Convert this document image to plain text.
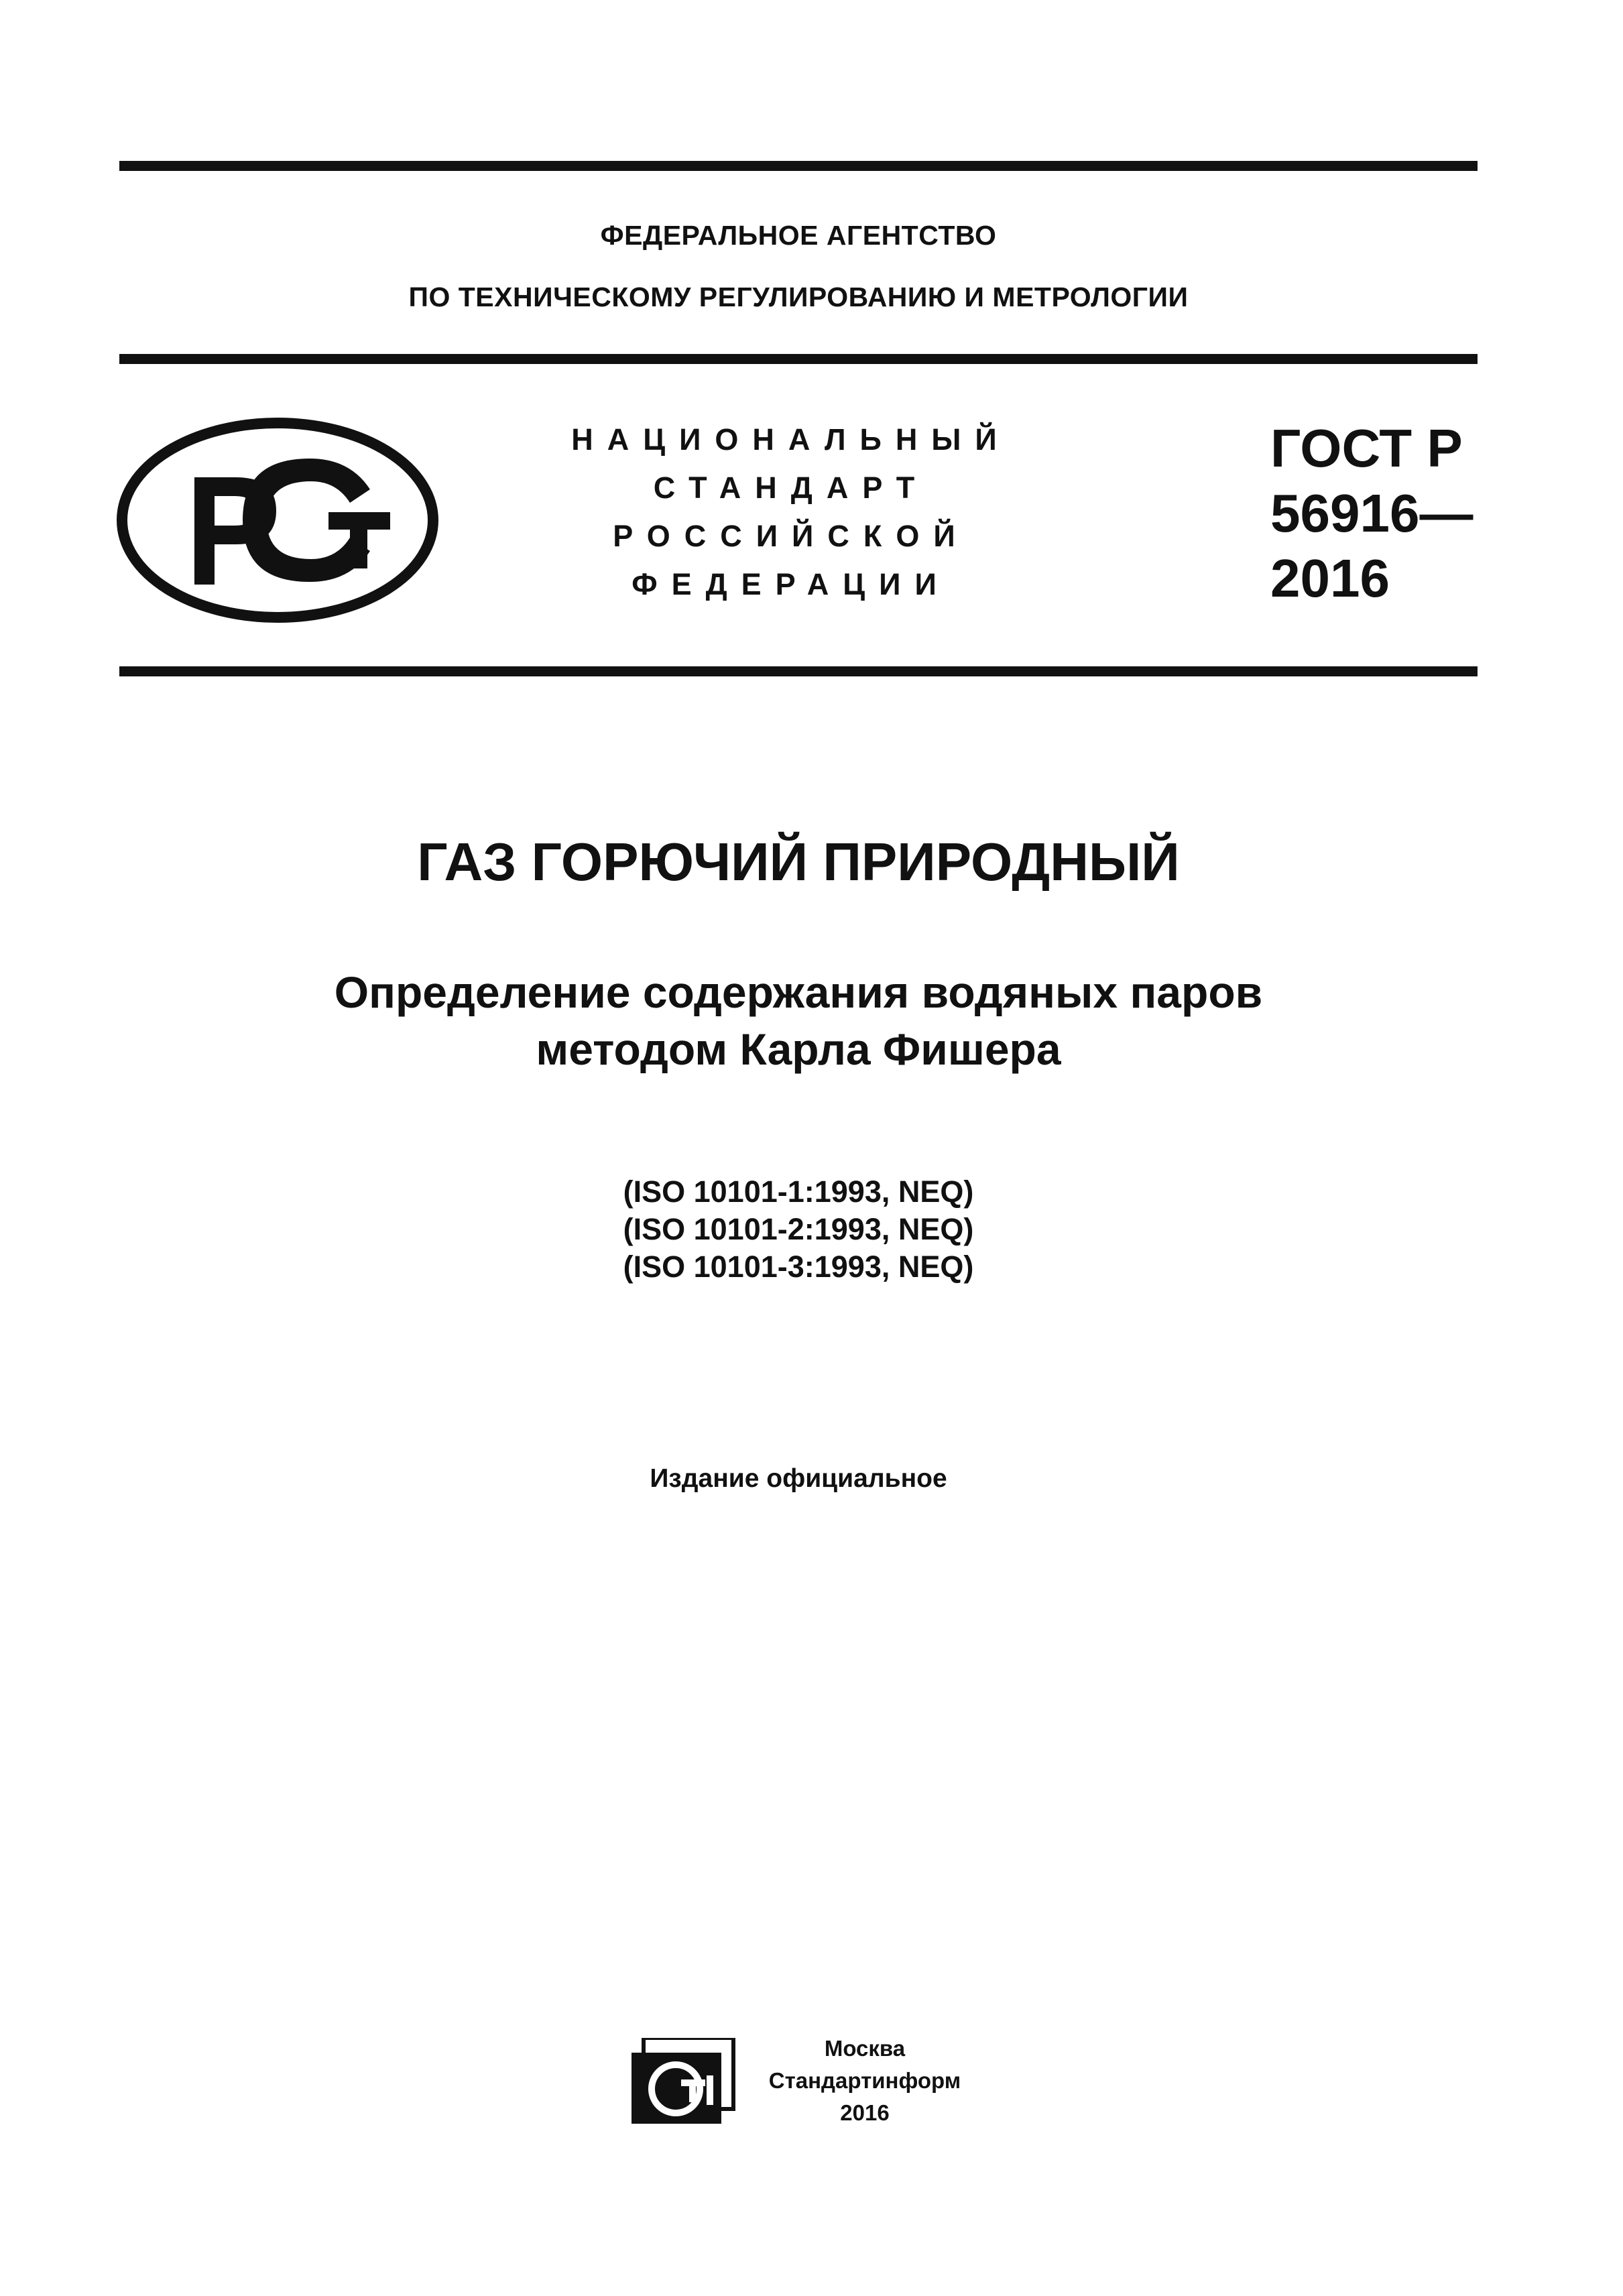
ФЕДЕРАЛЬНОЕ АГЕНТСТВО
ПО ТЕХНИЧЕСКОМУ РЕГУЛИРОВАНИЮ И МЕТРОЛОГИИ
НАЦИОНАЛЬНЫЙ
СТАНДАРТ
РОССИЙСКОЙ
ФЕДЕРАЦИИ
ГОСТ Р
56916—
2016
ГАЗ ГОРЮЧИЙ ПРИРОДНЫЙ
Определение содержания водяных паров
методом Карла Фишера
(ISO 10101-1:1993, NEQ)
(ISO 10101-2:1993, NEQ)
(ISO 10101-3:1993, NEQ)
Издание официальное
Москва
Стандартинформ
2016
